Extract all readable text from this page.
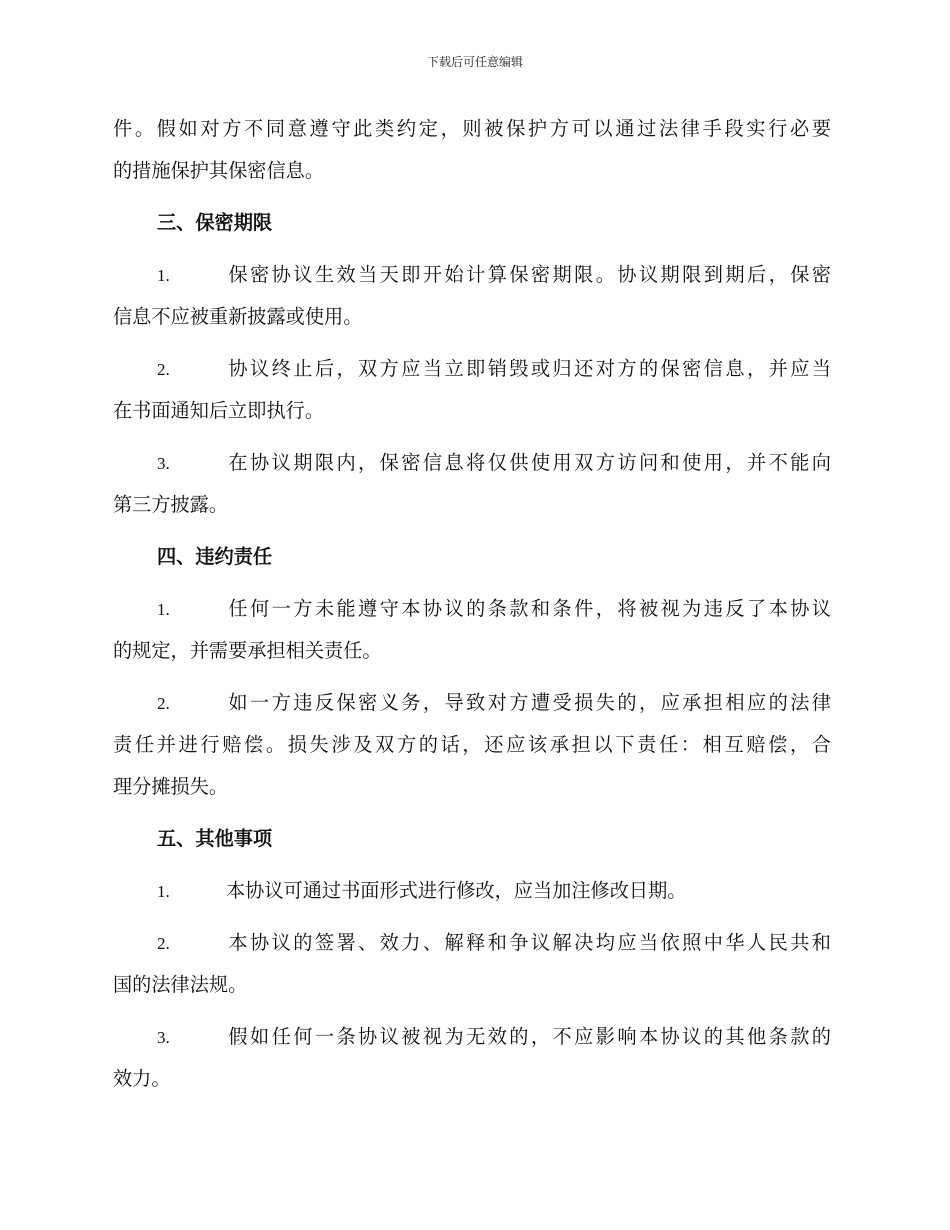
下载后可任意编辑
件。假如对方不同意遵守此类约定，则被保护方可以通过法律手段实行必要
的措施保护其保密信息。
三、保密期限
1.	保密协议生效当天即开始计算保密期限。协议期限到期后，保密
信息不应被重新披露或使用。
2.	协议终止后，双方应当立即销毁或归还对方的保密信息，并应当
在书面通知后立即执行。
3.	在协议期限内，保密信息将仅供使用双方访问和使用，并不能向
第三方披露。
四、违约责任
1.	任何一方未能遵守本协议的条款和条件，将被视为违反了本协议
的规定，并需要承担相关责任。
2.	如一方违反保密义务，导致对方遭受损失的，应承担相应的法律
责任并进行赔偿。损失涉及双方的话，还应该承担以下责任：相互赔偿，合
理分摊损失。
五、其他事项
1.	本协议可通过书面形式进行修改，应当加注修改日期。
2.	本协议的签署、效力、解释和争议解决均应当依照中华人民共和
国的法律法规。
3.	假如任何一条协议被视为无效的，不应影响本协议的其他条款的
效力。
